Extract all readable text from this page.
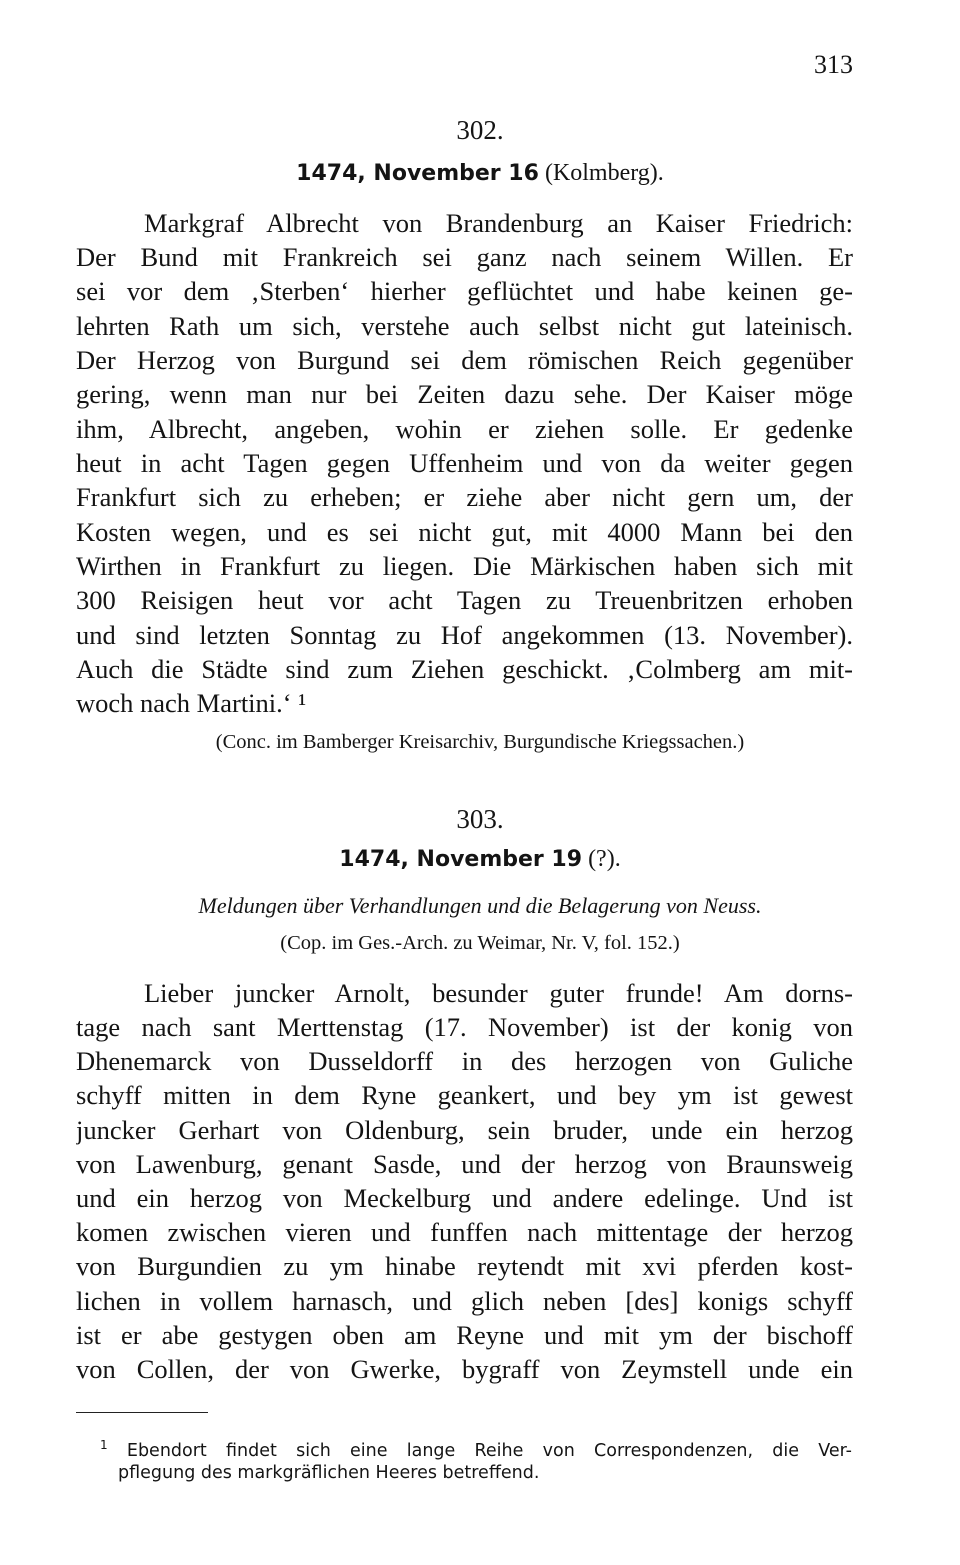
313
302.
1474, November 16 (Kolmberg).
Markgraf Albrecht von Brandenburg an Kaiser Friedrich:
Der Bund mit Frankreich sei ganz nach seinem Willen. Er
sei vor dem ‚Sterben‘ hierher geflüchtet und habe keinen ge-
lehrten Rath um sich, verstehe auch selbst nicht gut lateinisch.
Der Herzog von Burgund sei dem römischen Reich gegenüber
gering, wenn man nur bei Zeiten dazu sehe. Der Kaiser möge
ihm, Albrecht, angeben, wohin er ziehen solle. Er gedenke
heut in acht Tagen gegen Uffenheim und von da weiter gegen
Frankfurt sich zu erheben; er ziehe aber nicht gern um, der
Kosten wegen, und es sei nicht gut, mit 4000 Mann bei den
Wirthen in Frankfurt zu liegen. Die Märkischen haben sich mit
300 Reisigen heut vor acht Tagen zu Treuenbritzen erhoben
und sind letzten Sonntag zu Hof angekommen (13. November).
Auch die Städte sind zum Ziehen geschickt. ‚Colmberg am mit-
woch nach Martini.‘ ¹
(Conc. im Bamberger Kreisarchiv, Burgundische Kriegssachen.)
303.
1474, November 19 (?).
Meldungen über Verhandlungen und die Belagerung von Neuss.
(Cop. im Ges.-Arch. zu Weimar, Nr. V, fol. 152.)
Lieber juncker Arnolt, besunder guter frunde! Am dorns-
tage nach sant Merttenstag (17. November) ist der konig von
Dhenemarck von Dusseldorff in des herzogen von Guliche
schyff mitten in dem Ryne geankert, und bey ym ist gewest
juncker Gerhart von Oldenburg, sein bruder, unde ein herzog
von Lawenburg, genant Sasde, und der herzog von Braunsweig
und ein herzog von Meckelburg und andere edelinge. Und ist
komen zwischen vieren und funffen nach mittentage der herzog
von Burgundien zu ym hinabe reytendt mit xvi pferden kost-
lichen in vollem harnasch, und glich neben [des] konigs schyff
ist er abe gestygen oben am Reyne und mit ym der bischoff
von Collen, der von Gwerke, bygraff von Zeymstell unde ein
$^1$ Ebendort findet sich eine lange Reihe von Correspondenzen, die Ver-
pflegung des markgräflichen Heeres betreffend.
